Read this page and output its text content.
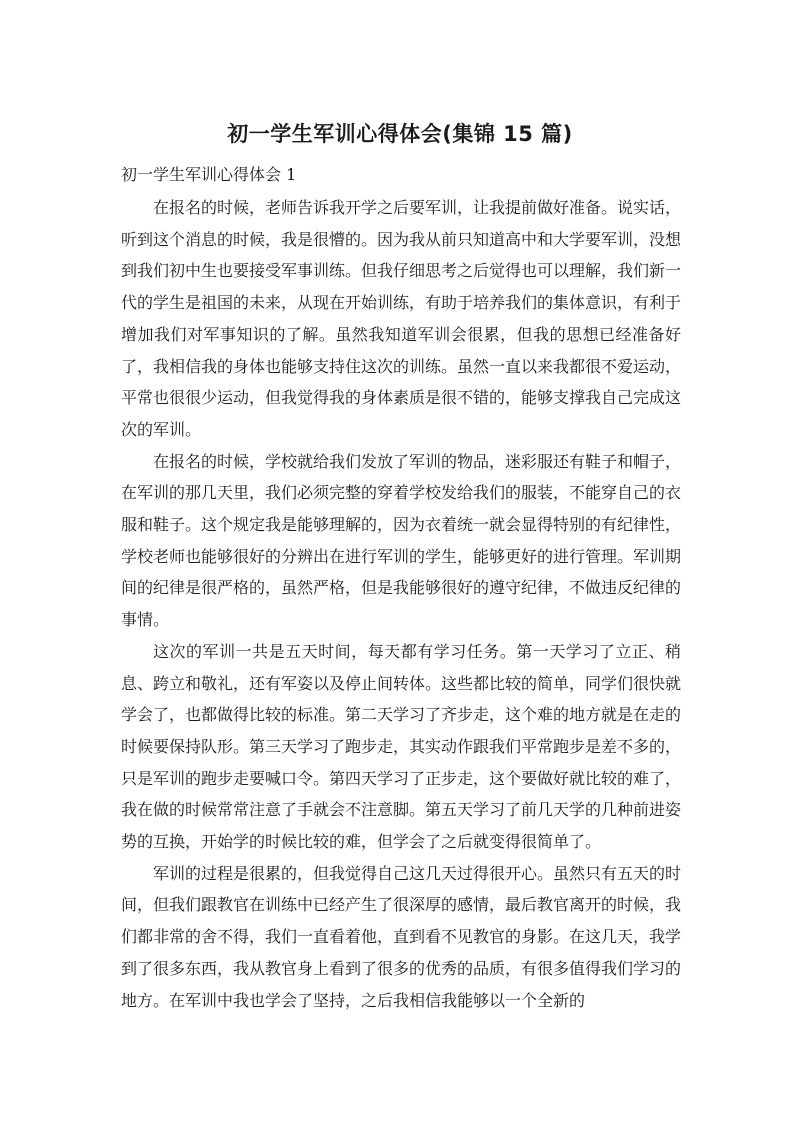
初一学生军训心得体会(集锦 15 篇)

初一学生军训心得体会 1

在报名的时候，老师告诉我开学之后要军训，让我提前做好准备。说实话，听到这个消息的时候，我是很懵的。因为我从前只知道高中和大学要军训，没想到我们初中生也要接受军事训练。但我仔细思考之后觉得也可以理解，我们新一代的学生是祖国的未来，从现在开始训练，有助于培养我们的集体意识，有利于增加我们对军事知识的了解。虽然我知道军训会很累，但我的思想已经准备好了，我相信我的身体也能够支持住这次的训练。虽然一直以来我都很不爱运动，平常也很很少运动，但我觉得我的身体素质是很不错的，能够支撑我自己完成这次的军训。

在报名的时候，学校就给我们发放了军训的物品，迷彩服还有鞋子和帽子，在军训的那几天里，我们必须完整的穿着学校发给我们的服装，不能穿自己的衣服和鞋子。这个规定我是能够理解的，因为衣着统一就会显得特别的有纪律性，学校老师也能够很好的分辨出在进行军训的学生，能够更好的进行管理。军训期间的纪律是很严格的，虽然严格，但是我能够很好的遵守纪律，不做违反纪律的事情。

这次的军训一共是五天时间，每天都有学习任务。第一天学习了立正、稍息、跨立和敬礼，还有军姿以及停止间转体。这些都比较的简单，同学们很快就学会了，也都做得比较的标准。第二天学习了齐步走，这个难的地方就是在走的时候要保持队形。第三天学习了跑步走，其实动作跟我们平常跑步是差不多的，只是军训的跑步走要喊口令。第四天学习了正步走，这个要做好就比较的难了，我在做的时候常常注意了手就会不注意脚。第五天学习了前几天学的几种前进姿势的互换，开始学的时候比较的难，但学会了之后就变得很简单了。

军训的过程是很累的，但我觉得自己这几天过得很开心。虽然只有五天的时间，但我们跟教官在训练中已经产生了很深厚的感情，最后教官离开的时候，我们都非常的舍不得，我们一直看着他，直到看不见教官的身影。在这几天，我学到了很多东西，我从教官身上看到了很多的优秀的品质，有很多值得我们学习的地方。在军训中我也学会了坚持，之后我相信我能够以一个全新的
